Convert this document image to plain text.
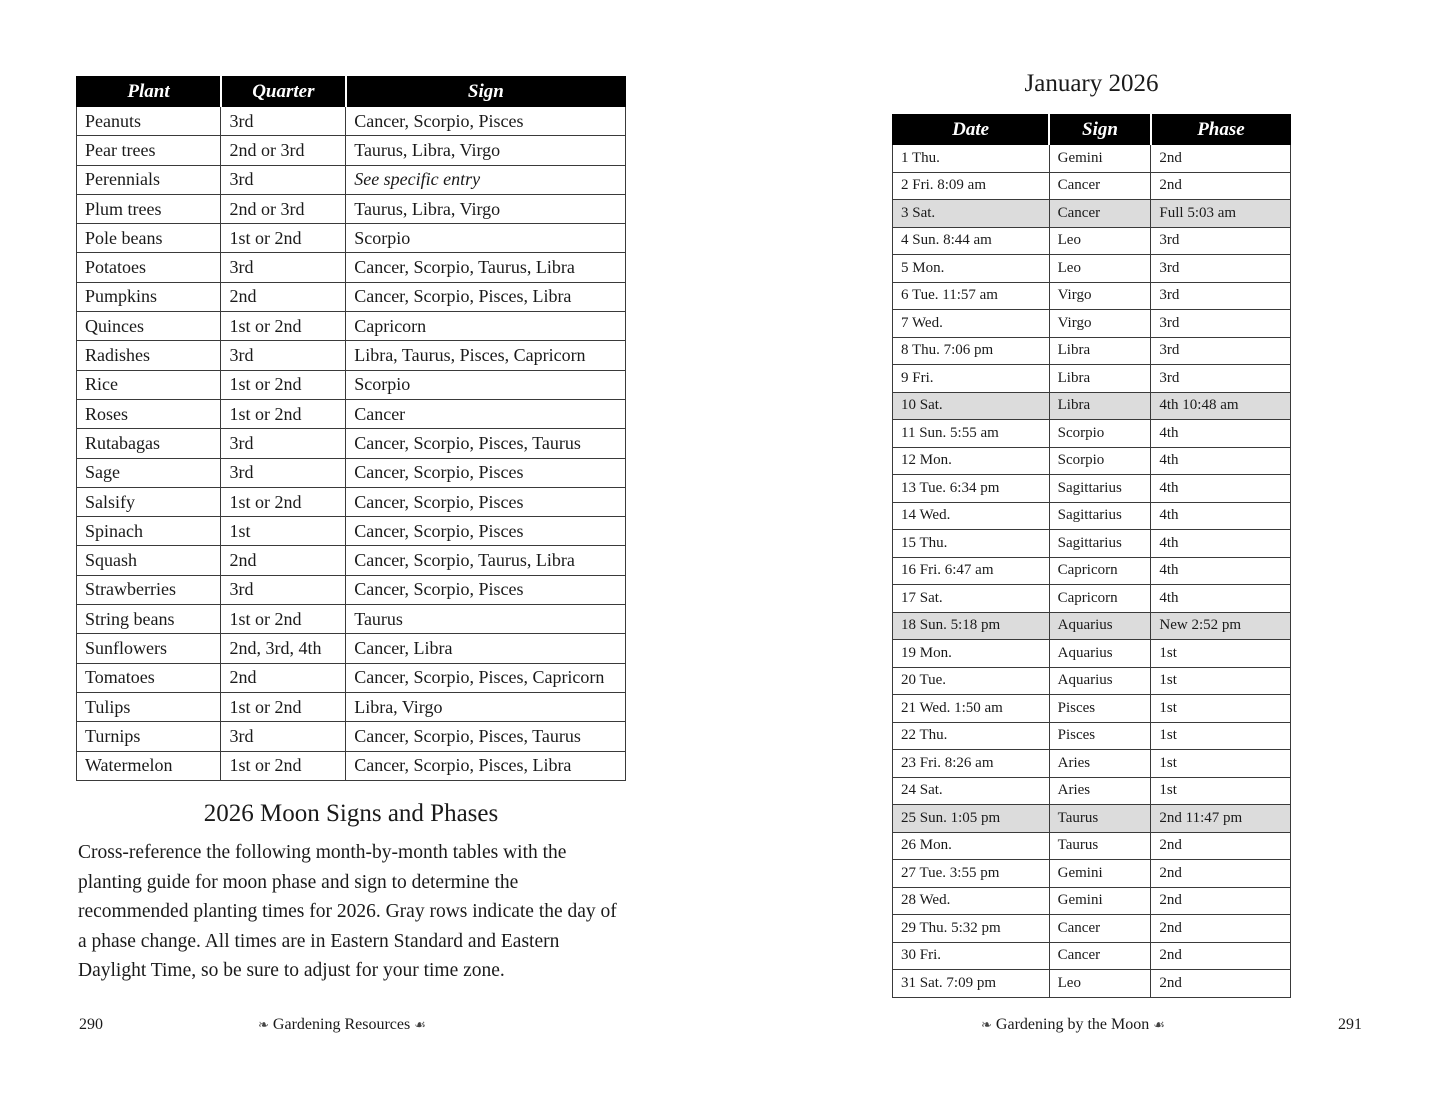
Plant	Quarter	Sign
Peanuts	3rd	Cancer, Scorpio, Pisces
Pear trees	2nd or 3rd	Taurus, Libra, Virgo
Perennials	3rd	See specific entry
Plum trees	2nd or 3rd	Taurus, Libra, Virgo
Pole beans	1st or 2nd	Scorpio
Potatoes	3rd	Cancer, Scorpio, Taurus, Libra
Pumpkins	2nd	Cancer, Scorpio, Pisces, Libra
Quinces	1st or 2nd	Capricorn
Radishes	3rd	Libra, Taurus, Pisces, Capricorn
Rice	1st or 2nd	Scorpio
Roses	1st or 2nd	Cancer
Rutabagas	3rd	Cancer, Scorpio, Pisces, Taurus
Sage	3rd	Cancer, Scorpio, Pisces
Salsify	1st or 2nd	Cancer, Scorpio, Pisces
Spinach	1st	Cancer, Scorpio, Pisces
Squash	2nd	Cancer, Scorpio, Taurus, Libra
Strawberries	3rd	Cancer, Scorpio, Pisces
String beans	1st or 2nd	Taurus
Sunflowers	2nd, 3rd, 4th	Cancer, Libra
Tomatoes	2nd	Cancer, Scorpio, Pisces, Capricorn
Tulips	1st or 2nd	Libra, Virgo
Turnips	3rd	Cancer, Scorpio, Pisces, Taurus
Watermelon	1st or 2nd	Cancer, Scorpio, Pisces, Libra
2026 Moon Signs and Phases

Cross-reference the following month-by-month tables with the planting guide for moon phase and sign to determine the recommended planting times for 2026. Gray rows indicate the day of a phase change. All times are in Eastern Standard and Eastern Daylight Time, so be sure to adjust for your time zone.

290	❧ Gardening Resources ☙
January 2026
Date	Sign	Phase
1 Thu.	Gemini	2nd
2 Fri. 8:09 am	Cancer	2nd
3 Sat.	Cancer	Full 5:03 am
4 Sun. 8:44 am	Leo	3rd
5 Mon.	Leo	3rd
6 Tue. 11:57 am	Virgo	3rd
7 Wed.	Virgo	3rd
8 Thu. 7:06 pm	Libra	3rd
9 Fri.	Libra	3rd
10 Sat.	Libra	4th 10:48 am
11 Sun. 5:55 am	Scorpio	4th
12 Mon.	Scorpio	4th
13 Tue. 6:34 pm	Sagittarius	4th
14 Wed.	Sagittarius	4th
15 Thu.	Sagittarius	4th
16 Fri. 6:47 am	Capricorn	4th
17 Sat.	Capricorn	4th
18 Sun. 5:18 pm	Aquarius	New 2:52 pm
19 Mon.	Aquarius	1st
20 Tue.	Aquarius	1st
21 Wed. 1:50 am	Pisces	1st
22 Thu.	Pisces	1st
23 Fri. 8:26 am	Aries	1st
24 Sat.	Aries	1st
25 Sun. 1:05 pm	Taurus	2nd 11:47 pm
26 Mon.	Taurus	2nd
27 Tue. 3:55 pm	Gemini	2nd
28 Wed.	Gemini	2nd
29 Thu. 5:32 pm	Cancer	2nd
30 Fri.	Cancer	2nd
31 Sat. 7:09 pm	Leo	2nd
❧ Gardening by the Moon ☙	291
